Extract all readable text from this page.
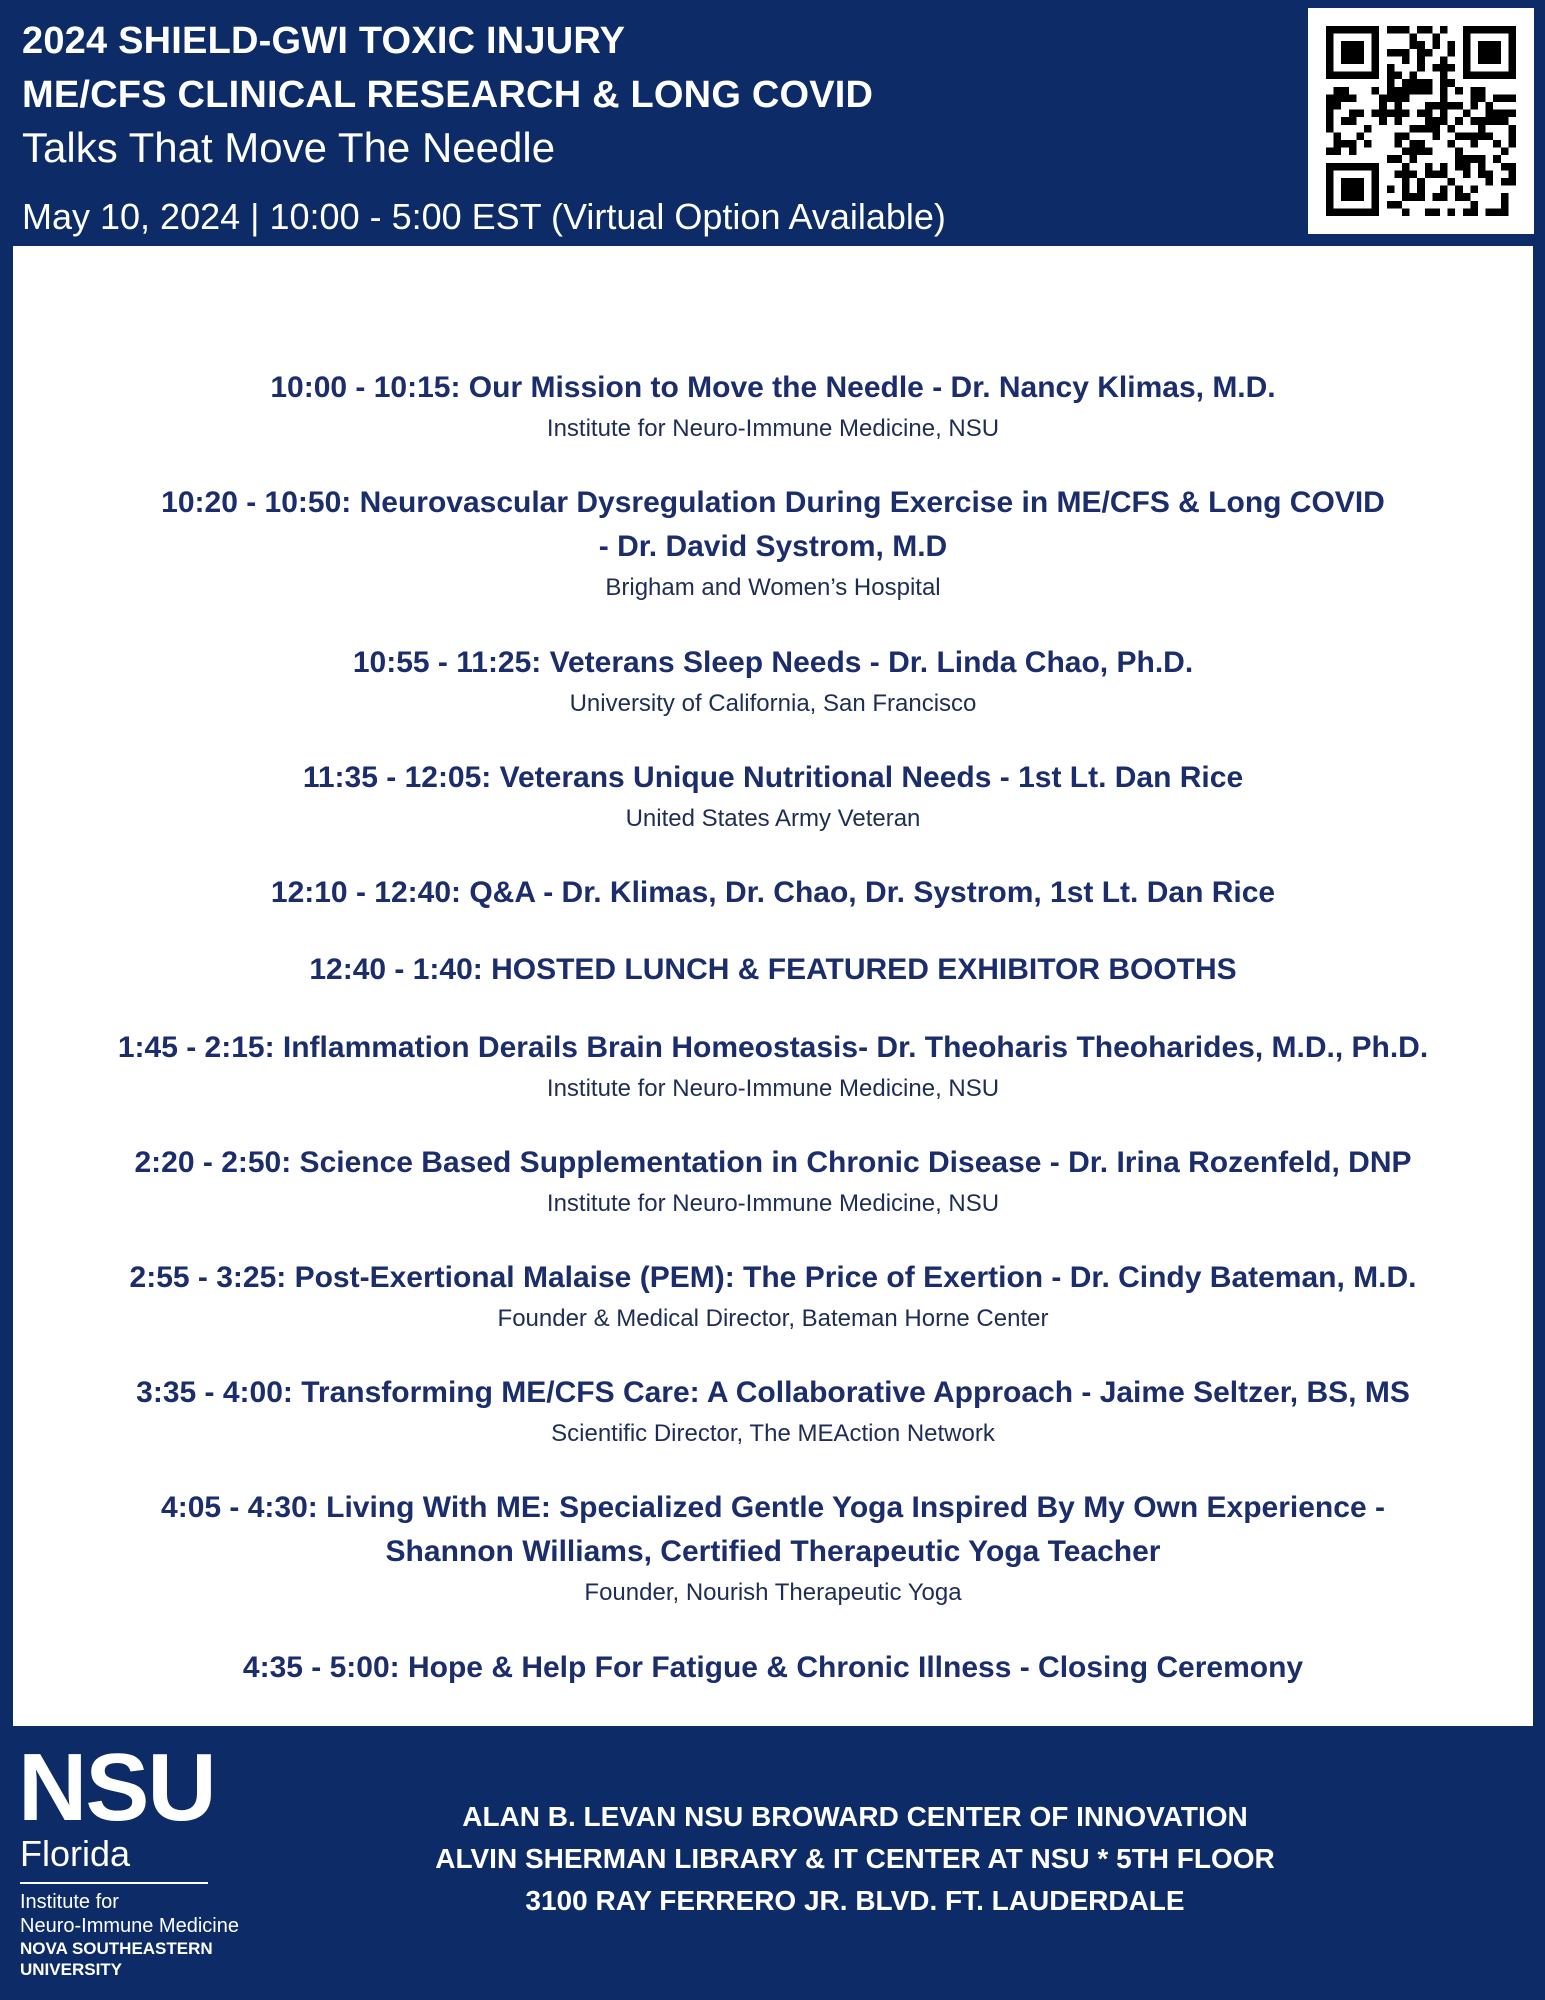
2024 SHIELD-GWI TOXIC INJURY
ME/CFS CLINICAL RESEARCH & LONG COVID
Talks That Move The Needle
May 10, 2024 | 10:00 - 5:00 EST (Virtual Option Available)
10:00 - 10:15: Our Mission to Move the Needle - Dr. Nancy Klimas, M.D.
Institute for Neuro-Immune Medicine, NSU
10:20 - 10:50: Neurovascular Dysregulation During Exercise in ME/CFS & Long COVID
- Dr. David Systrom, M.D
Brigham and Women’s Hospital
10:55 - 11:25: Veterans Sleep Needs - Dr. Linda Chao, Ph.D.
University of California, San Francisco
11:35 - 12:05: Veterans Unique Nutritional Needs - 1st Lt. Dan Rice
United States Army Veteran
12:10 - 12:40: Q&A - Dr. Klimas, Dr. Chao, Dr. Systrom, 1st Lt. Dan Rice
12:40 - 1:40: HOSTED LUNCH & FEATURED EXHIBITOR BOOTHS
1:45 - 2:15: Inflammation Derails Brain Homeostasis- Dr. Theoharis Theoharides, M.D., Ph.D.
Institute for Neuro-Immune Medicine, NSU
2:20 - 2:50: Science Based Supplementation in Chronic Disease - Dr. Irina Rozenfeld, DNP
Institute for Neuro-Immune Medicine, NSU
2:55 - 3:25: Post-Exertional Malaise (PEM): The Price of Exertion - Dr. Cindy Bateman, M.D.
Founder & Medical Director, Bateman Horne Center
3:35 - 4:00: Transforming ME/CFS Care: A Collaborative Approach - Jaime Seltzer, BS, MS
Scientific Director, The MEAction Network
4:05 - 4:30: Living With ME: Specialized Gentle Yoga Inspired By My Own Experience -
Shannon Williams, Certified Therapeutic Yoga Teacher
Founder, Nourish Therapeutic Yoga
4:35 - 5:00: Hope & Help For Fatigue & Chronic Illness - Closing Ceremony
NSU
Florida
Institute for
Neuro-Immune Medicine
NOVA SOUTHEASTERN
UNIVERSITY
ALAN B. LEVAN NSU BROWARD CENTER OF INNOVATION
ALVIN SHERMAN LIBRARY & IT CENTER AT NSU * 5TH FLOOR
3100 RAY FERRERO JR. BLVD. FT. LAUDERDALE
